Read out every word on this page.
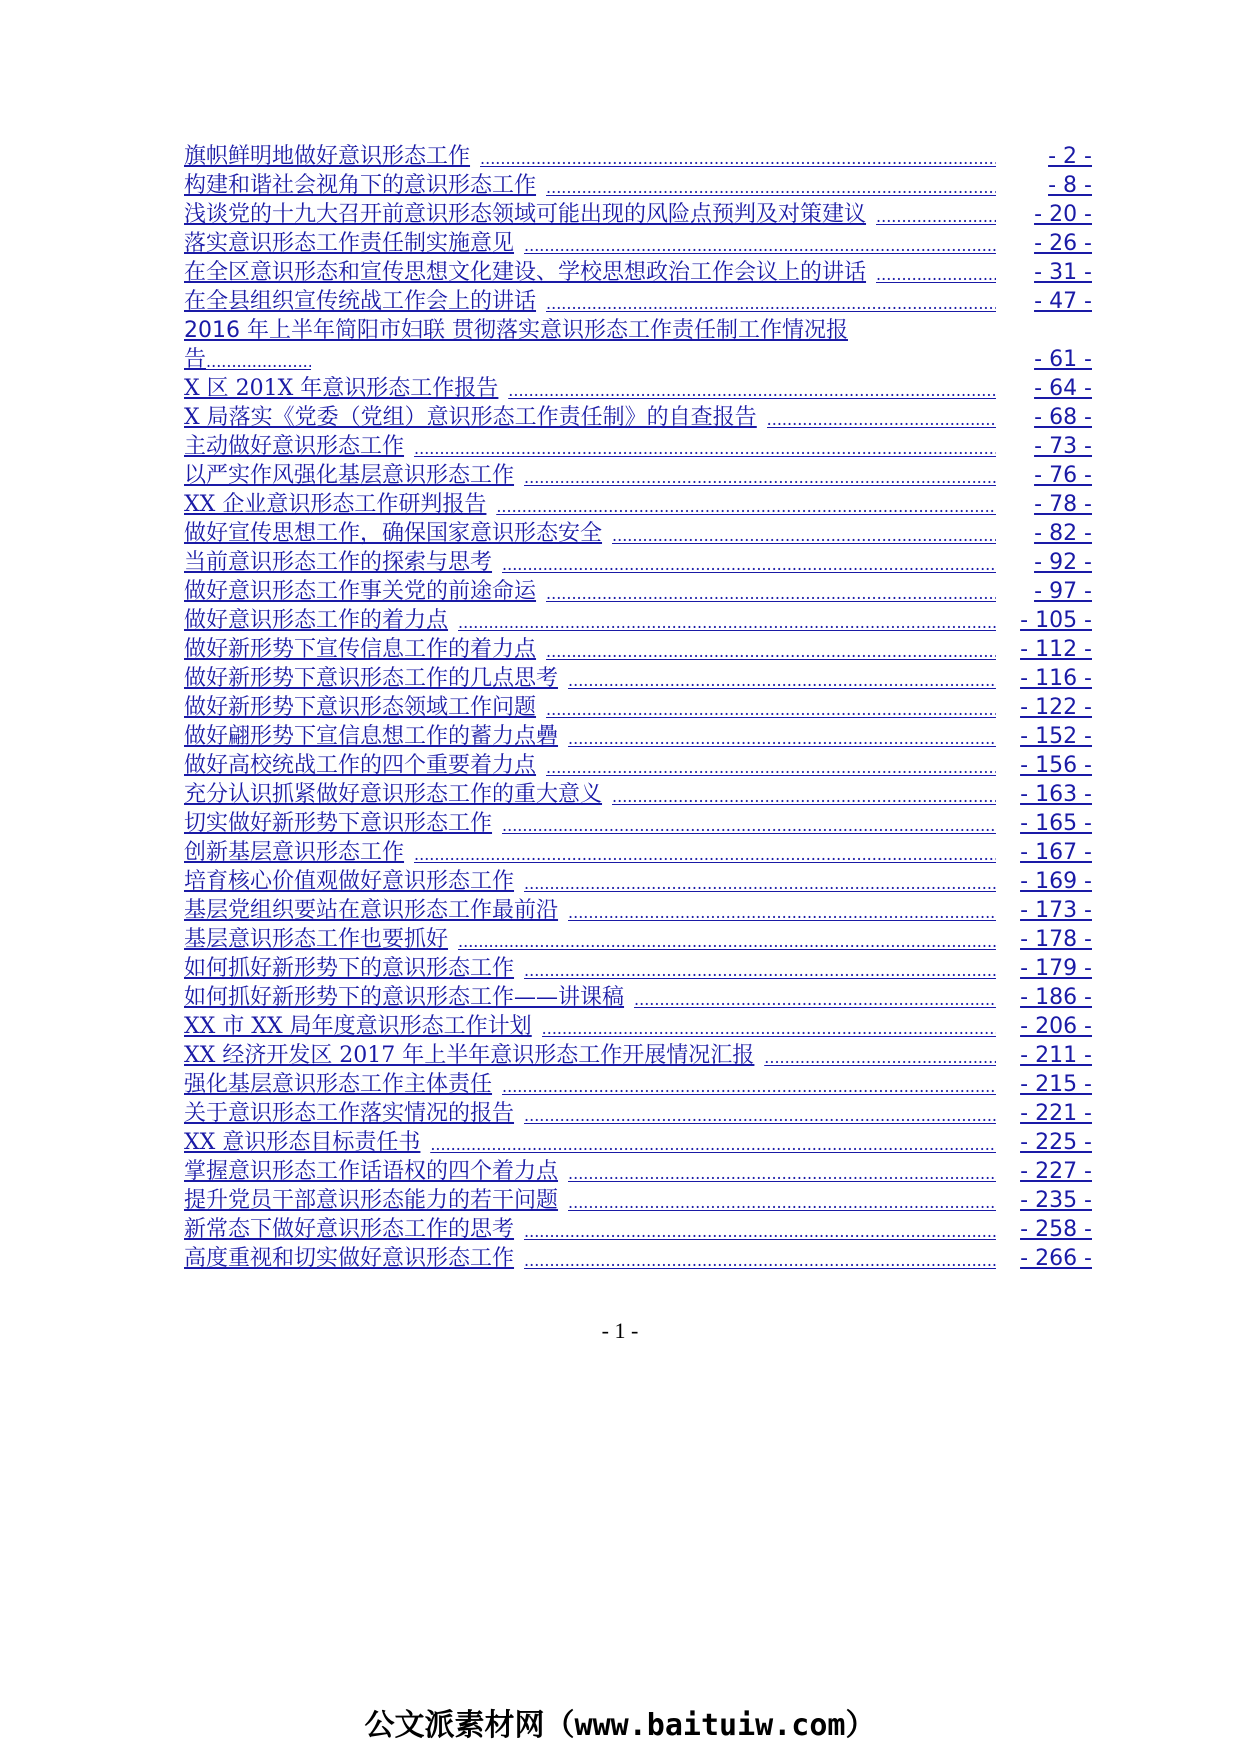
旗帜鲜明地做好意识形态工作 .....	- 2 -
构建和谐社会视角下的意识形态工作 .....	- 8 -
浅谈党的十九大召开前意识形态领域可能出现的风险点预判及对策建议 .....	- 20 -
落实意识形态工作责任制实施意见 .....	- 26 -
在全区意识形态和宣传思想文化建设、学校思想政治工作会议上的讲话 .....	- 31 -
在全县组织宣传统战工作会上的讲话 .....	- 47 -
2016 年上半年简阳市妇联 贯彻落实意识形态工作责任制工作情况报
告 .....	- 61 -
X 区 201X 年意识形态工作报告 .....	- 64 -
X 局落实《党委（党组）意识形态工作责任制》的自查报告 .....	- 68 -
主动做好意识形态工作 .....	- 73 -
以严实作风强化基层意识形态工作 .....	- 76 -
XX 企业意识形态工作研判报告 .....	- 78 -
做好宣传思想工作，确保国家意识形态安全 .....	- 82 -
当前意识形态工作的探索与思考 .....	- 92 -
做好意识形态工作事关党的前途命运 .....	- 97 -
做好意识形态工作的着力点 .....	- 105 -
做好新形势下宣传信息工作的着力点 .....	- 112 -
做好新形势下意识形态工作的几点思考 .....	- 116 -
做好新形势下意识形态领域工作问题 .....	- 122 -
做好翩形势下宣信息想工作的蓄力点礨 .....	- 152 -
做好高校统战工作的四个重要着力点 .....	- 156 -
充分认识抓紧做好意识形态工作的重大意义 .....	- 163 -
切实做好新形势下意识形态工作 .....	- 165 -
创新基层意识形态工作 .....	- 167 -
培育核心价值观做好意识形态工作 .....	- 169 -
基层党组织要站在意识形态工作最前沿 .....	- 173 -
基层意识形态工作也要抓好 .....	- 178 -
如何抓好新形势下的意识形态工作 .....	- 179 -
如何抓好新形势下的意识形态工作——讲课稿 .....	- 186 -
XX 市 XX 局年度意识形态工作计划 .....	- 206 -
XX 经济开发区 2017 年上半年意识形态工作开展情况汇报 .....	- 211 -
强化基层意识形态工作主体责任 .....	- 215 -
关于意识形态工作落实情况的报告 .....	- 221 -
XX 意识形态目标责任书 .....	- 225 -
掌握意识形态工作话语权的四个着力点 .....	- 227 -
提升党员干部意识形态能力的若干问题 .....	- 235 -
新常态下做好意识形态工作的思考 .....	- 258 -
高度重视和切实做好意识形态工作 .....	- 266 -
- 1 -
公文派素材网（www.baituiw.com）
